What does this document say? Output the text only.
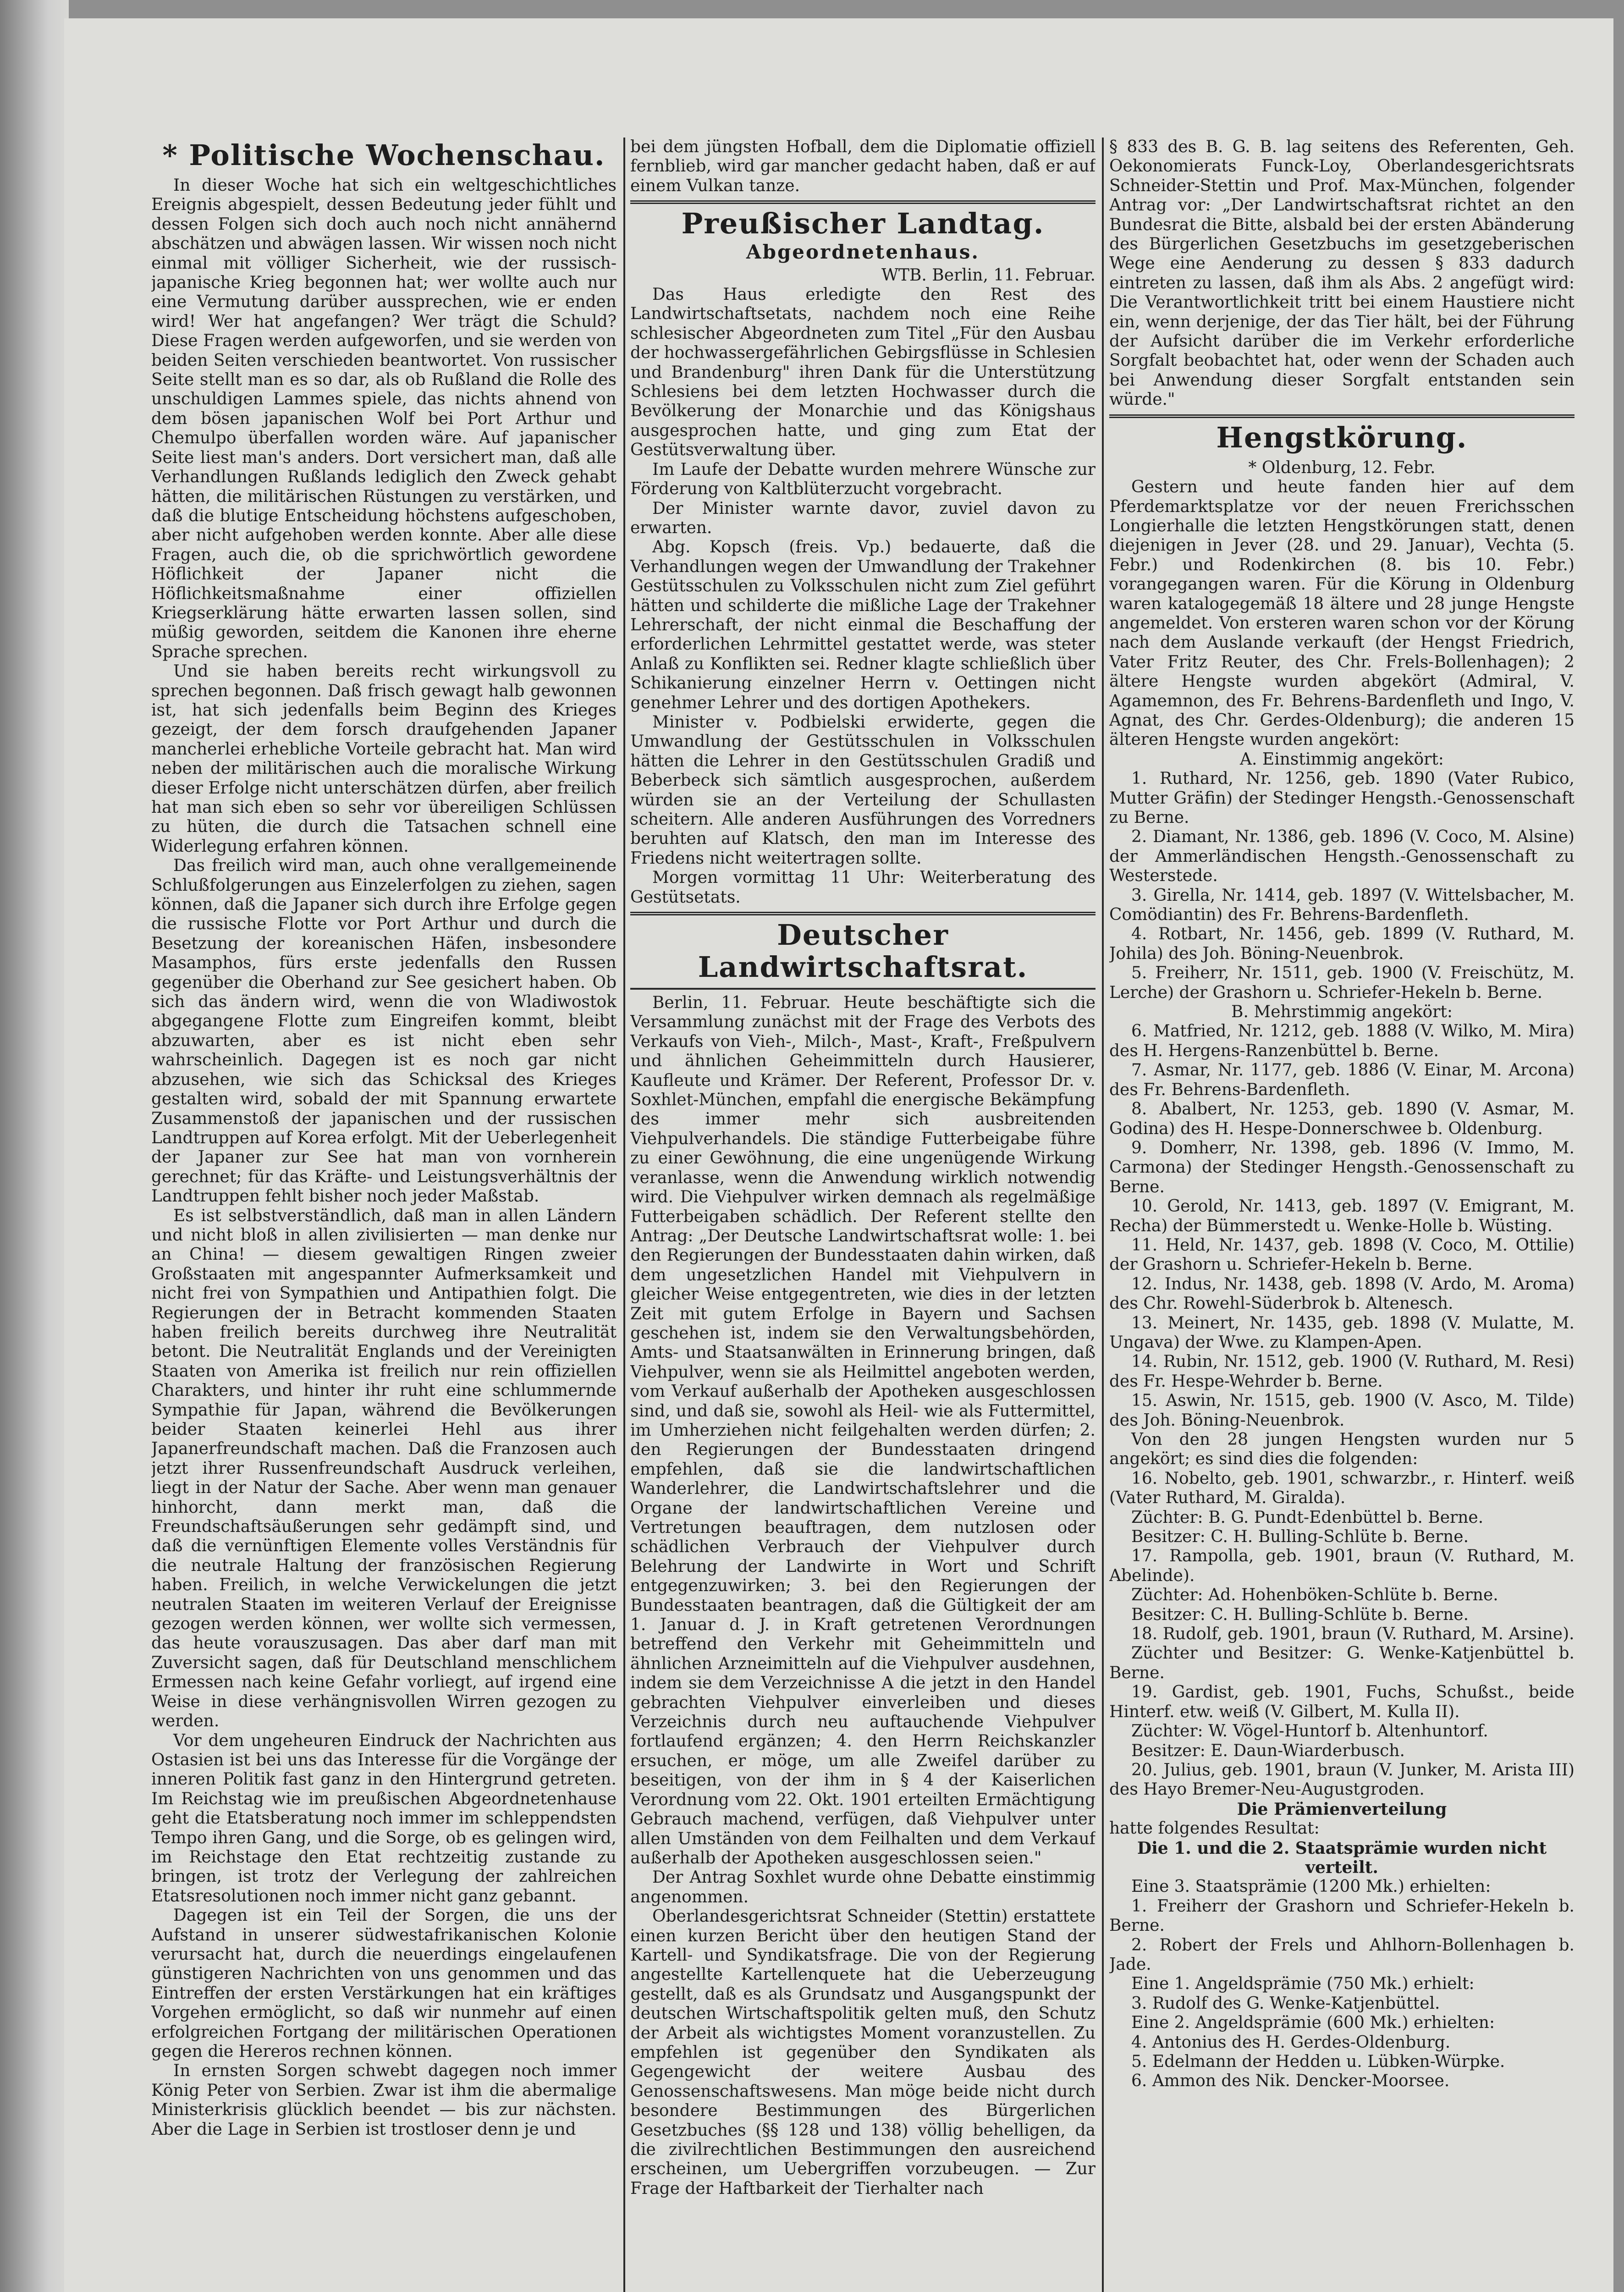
* Politische Wochenschau.

In dieser Woche hat sich ein weltgeschichtliches Ereignis abgespielt, dessen Bedeutung jeder fühlt und dessen Folgen sich doch auch noch nicht annähernd abschätzen und abwägen lassen. Wir wissen noch nicht einmal mit völliger Sicherheit, wie der russisch-japanische Krieg begonnen hat; wer wollte auch nur eine Vermutung darüber aussprechen, wie er enden wird! Wer hat angefangen? Wer trägt die Schuld? Diese Fragen werden aufgeworfen, und sie werden von beiden Seiten verschieden beantwortet. Von russischer Seite stellt man es so dar, als ob Rußland die Rolle des unschuldigen Lammes spiele, das nichts ahnend von dem bösen japanischen Wolf bei Port Arthur und Chemulpo überfallen worden wäre. Auf japanischer Seite liest man's anders. Dort versichert man, daß alle Verhandlungen Rußlands lediglich den Zweck gehabt hätten, die militärischen Rüstungen zu verstärken, und daß die blutige Entscheidung höchstens aufgeschoben, aber nicht aufgehoben werden konnte. Aber alle diese Fragen, auch die, ob die sprichwörtlich gewordene Höflichkeit der Japaner nicht die Höflichkeitsmaßnahme einer offiziellen Kriegserklärung hätte erwarten lassen sollen, sind müßig geworden, seitdem die Kanonen ihre eherne Sprache sprechen.

Und sie haben bereits recht wirkungsvoll zu sprechen begonnen. Daß frisch gewagt halb gewonnen ist, hat sich jedenfalls beim Beginn des Krieges gezeigt, der dem forsch draufgehenden Japaner mancherlei erhebliche Vorteile gebracht hat. Man wird neben der militärischen auch die moralische Wirkung dieser Erfolge nicht unterschätzen dürfen, aber freilich hat man sich eben so sehr vor übereiligen Schlüssen zu hüten, die durch die Tatsachen schnell eine Widerlegung erfahren können.

Das freilich wird man, auch ohne verallgemeinende Schlußfolgerungen aus Einzelerfolgen zu ziehen, sagen können, daß die Japaner sich durch ihre Erfolge gegen die russische Flotte vor Port Arthur und durch die Besetzung der koreanischen Häfen, insbesondere Masamphos, fürs erste jedenfalls den Russen gegenüber die Oberhand zur See gesichert haben. Ob sich das ändern wird, wenn die von Wladiwostok abgegangene Flotte zum Eingreifen kommt, bleibt abzuwarten, aber es ist nicht eben sehr wahrscheinlich. Dagegen ist es noch gar nicht abzusehen, wie sich das Schicksal des Krieges gestalten wird, sobald der mit Spannung erwartete Zusammenstoß der japanischen und der russischen Landtruppen auf Korea erfolgt. Mit der Ueberlegenheit der Japaner zur See hat man von vornherein gerechnet; für das Kräfte- und Leistungsverhältnis der Landtruppen fehlt bisher noch jeder Maßstab.

Es ist selbstverständlich, daß man in allen Ländern und nicht bloß in allen zivilisierten — man denke nur an China! — diesem gewaltigen Ringen zweier Großstaaten mit angespannter Aufmerksamkeit und nicht frei von Sympathien und Antipathien folgt. Die Regierungen der in Betracht kommenden Staaten haben freilich bereits durchweg ihre Neutralität betont. Die Neutralität Englands und der Vereinigten Staaten von Amerika ist freilich nur rein offiziellen Charakters, und hinter ihr ruht eine schlummernde Sympathie für Japan, während die Bevölkerungen beider Staaten keinerlei Hehl aus ihrer Japanerfreundschaft machen. Daß die Franzosen auch jetzt ihrer Russenfreundschaft Ausdruck verleihen, liegt in der Natur der Sache. Aber wenn man genauer hinhorcht, dann merkt man, daß die Freundschaftsäußerungen sehr gedämpft sind, und daß die vernünftigen Elemente volles Verständnis für die neutrale Haltung der französischen Regierung haben. Freilich, in welche Verwickelungen die jetzt neutralen Staaten im weiteren Verlauf der Ereignisse gezogen werden können, wer wollte sich vermessen, das heute vorauszusagen. Das aber darf man mit Zuversicht sagen, daß für Deutschland menschlichem Ermessen nach keine Gefahr vorliegt, auf irgend eine Weise in diese verhängnisvollen Wirren gezogen zu werden.

Vor dem ungeheuren Eindruck der Nachrichten aus Ostasien ist bei uns das Interesse für die Vorgänge der inneren Politik fast ganz in den Hintergrund getreten. Im Reichstag wie im preußischen Abgeordnetenhause geht die Etatsberatung noch immer im schleppendsten Tempo ihren Gang, und die Sorge, ob es gelingen wird, im Reichstage den Etat rechtzeitig zustande zu bringen, ist trotz der Verlegung der zahlreichen Etatsresolutionen noch immer nicht ganz gebannt.

Dagegen ist ein Teil der Sorgen, die uns der Aufstand in unserer südwestafrikanischen Kolonie verursacht hat, durch die neuerdings eingelaufenen günstigeren Nachrichten von uns genommen und das Eintreffen der ersten Verstärkungen hat ein kräftiges Vorgehen ermöglicht, so daß wir nunmehr auf einen erfolgreichen Fortgang der militärischen Operationen gegen die Hereros rechnen können.

In ernsten Sorgen schwebt dagegen noch immer König Peter von Serbien. Zwar ist ihm die abermalige Ministerkrisis glücklich beendet — bis zur nächsten. Aber die Lage in Serbien ist trostloser denn je und

bei dem jüngsten Hofball, dem die Diplomatie offiziell fernblieb, wird gar mancher gedacht haben, daß er auf einem Vulkan tanze.

Preußischer Landtag.
Abgeordnetenhaus.

WTB. Berlin, 11. Februar.

Das Haus erledigte den Rest des Landwirtschaftsetats, nachdem noch eine Reihe schlesischer Abgeordneten zum Titel „Für den Ausbau der hochwassergefährlichen Gebirgsflüsse in Schlesien und Brandenburg" ihren Dank für die Unterstützung Schlesiens bei dem letzten Hochwasser durch die Bevölkerung der Monarchie und das Königshaus ausgesprochen hatte, und ging zum Etat der Gestütsverwaltung über.

Im Laufe der Debatte wurden mehrere Wünsche zur Förderung von Kaltblüterzucht vorgebracht.

Der Minister warnte davor, zuviel davon zu erwarten.

Abg. Kopsch (freis. Vp.) bedauerte, daß die Verhandlungen wegen der Umwandlung der Trakehner Gestütsschulen zu Volksschulen nicht zum Ziel geführt hätten und schilderte die mißliche Lage der Trakehner Lehrerschaft, der nicht einmal die Beschaffung der erforderlichen Lehrmittel gestattet werde, was steter Anlaß zu Konflikten sei. Redner klagte schließlich über Schikanierung einzelner Herrn v. Oettingen nicht genehmer Lehrer und des dortigen Apothekers.

Minister v. Podbielski erwiderte, gegen die Umwandlung der Gestütsschulen in Volksschulen hätten die Lehrer in den Gestütsschulen Gradiß und Beberbeck sich sämtlich ausgesprochen, außerdem würden sie an der Verteilung der Schullasten scheitern. Alle anderen Ausführungen des Vorredners beruhten auf Klatsch, den man im Interesse des Friedens nicht weitertragen sollte.

Morgen vormittag 11 Uhr: Weiterberatung des Gestütsetats.

Deutscher Landwirtschaftsrat.

Berlin, 11. Februar. Heute beschäftigte sich die Versammlung zunächst mit der Frage des Verbots des Verkaufs von Vieh-, Milch-, Mast-, Kraft-, Freßpulvern und ähnlichen Geheimmitteln durch Hausierer, Kaufleute und Krämer. Der Referent, Professor Dr. v. Soxhlet-München, empfahl die energische Bekämpfung des immer mehr sich ausbreitenden Viehpulverhandels. Die ständige Futterbeigabe führe zu einer Gewöhnung, die eine ungenügende Wirkung veranlasse, wenn die Anwendung wirklich notwendig wird. Die Viehpulver wirken demnach als regelmäßige Futterbeigaben schädlich. Der Referent stellte den Antrag: „Der Deutsche Landwirtschaftsrat wolle: 1. bei den Regierungen der Bundesstaaten dahin wirken, daß dem ungesetzlichen Handel mit Viehpulvern in gleicher Weise entgegentreten, wie dies in der letzten Zeit mit gutem Erfolge in Bayern und Sachsen geschehen ist, indem sie den Verwaltungsbehörden, Amts- und Staatsanwälten in Erinnerung bringen, daß Viehpulver, wenn sie als Heilmittel angeboten werden, vom Verkauf außerhalb der Apotheken ausgeschlossen sind, und daß sie, sowohl als Heil- wie als Futtermittel, im Umherziehen nicht feilgehalten werden dürfen; 2. den Regierungen der Bundesstaaten dringend empfehlen, daß sie die landwirtschaftlichen Wanderlehrer, die Landwirtschaftslehrer und die Organe der landwirtschaftlichen Vereine und Vertretungen beauftragen, dem nutzlosen oder schädlichen Verbrauch der Viehpulver durch Belehrung der Landwirte in Wort und Schrift entgegenzuwirken; 3. bei den Regierungen der Bundesstaaten beantragen, daß die Gültigkeit der am 1. Januar d. J. in Kraft getretenen Verordnungen betreffend den Verkehr mit Geheimmitteln und ähnlichen Arzneimitteln auf die Viehpulver ausdehnen, indem sie dem Verzeichnisse A die jetzt in den Handel gebrachten Viehpulver einverleiben und dieses Verzeichnis durch neu auftauchende Viehpulver fortlaufend ergänzen; 4. den Herrn Reichskanzler ersuchen, er möge, um alle Zweifel darüber zu beseitigen, von der ihm in § 4 der Kaiserlichen Verordnung vom 22. Okt. 1901 erteilten Ermächtigung Gebrauch machend, verfügen, daß Viehpulver unter allen Umständen von dem Feilhalten und dem Verkauf außerhalb der Apotheken ausgeschlossen seien."

Der Antrag Soxhlet wurde ohne Debatte einstimmig angenommen.

Oberlandesgerichtsrat Schneider (Stettin) erstattete einen kurzen Bericht über den heutigen Stand der Kartell- und Syndikatsfrage. Die von der Regierung angestellte Kartellenquete hat die Ueberzeugung gestellt, daß es als Grundsatz und Ausgangspunkt der deutschen Wirtschaftspolitik gelten muß, den Schutz der Arbeit als wichtigstes Moment voranzustellen. Zu empfehlen ist gegenüber den Syndikaten als Gegengewicht der weitere Ausbau des Genossenschaftswesens. Man möge beide nicht durch besondere Bestimmungen des Bürgerlichen Gesetzbuches (§§ 128 und 138) völlig behelligen, da die zivilrechtlichen Bestimmungen den ausreichend erscheinen, um Uebergriffen vorzubeugen. — Zur Frage der Haftbarkeit der Tierhalter nach

§ 833 des B. G. B. lag seitens des Referenten, Geh. Oekonomierats Funck-Loy, Oberlandesgerichtsrats Schneider-Stettin und Prof. Max-München, folgender Antrag vor: „Der Landwirtschaftsrat richtet an den Bundesrat die Bitte, alsbald bei der ersten Abänderung des Bürgerlichen Gesetzbuchs im gesetzgeberischen Wege eine Aenderung zu dessen § 833 dadurch eintreten zu lassen, daß ihm als Abs. 2 angefügt wird: Die Verantwortlichkeit tritt bei einem Haustiere nicht ein, wenn derjenige, der das Tier hält, bei der Führung der Aufsicht darüber die im Verkehr erforderliche Sorgfalt beobachtet hat, oder wenn der Schaden auch bei Anwendung dieser Sorgfalt entstanden sein würde."

Hengstkörung.

* Oldenburg, 12. Febr.

Gestern und heute fanden hier auf dem Pferdemarktsplatze vor der neuen Frerichsschen Longierhalle die letzten Hengstkörungen statt, denen diejenigen in Jever (28. und 29. Januar), Vechta (5. Febr.) und Rodenkirchen (8. bis 10. Febr.) vorangegangen waren. Für die Körung in Oldenburg waren katalogegemäß 18 ältere und 28 junge Hengste angemeldet. Von ersteren waren schon vor der Körung nach dem Auslande verkauft (der Hengst Friedrich, Vater Fritz Reuter, des Chr. Frels-Bollenhagen); 2 ältere Hengste wurden abgekört (Admiral, V. Agamemnon, des Fr. Behrens-Bardenfleth und Ingo, V. Agnat, des Chr. Gerdes-Oldenburg); die anderen 15 älteren Hengste wurden angekört:

A. Einstimmig angekört:

1. Ruthard, Nr. 1256, geb. 1890 (Vater Rubico, Mutter Gräfin) der Stedinger Hengsth.-Genossenschaft zu Berne.

2. Diamant, Nr. 1386, geb. 1896 (V. Coco, M. Alsine) der Ammerländischen Hengsth.-Genossenschaft zu Westerstede.

3. Girella, Nr. 1414, geb. 1897 (V. Wittelsbacher, M. Comödiantin) des Fr. Behrens-Bardenfleth.

4. Rotbart, Nr. 1456, geb. 1899 (V. Ruthard, M. Johila) des Joh. Böning-Neuenbrok.

5. Freiherr, Nr. 1511, geb. 1900 (V. Freischütz, M. Lerche) der Grashorn u. Schriefer-Hekeln b. Berne.

B. Mehrstimmig angekört:

6. Matfried, Nr. 1212, geb. 1888 (V. Wilko, M. Mira) des H. Hergens-Ranzenbüttel b. Berne.

7. Asmar, Nr. 1177, geb. 1886 (V. Einar, M. Arcona) des Fr. Behrens-Bardenfleth.

8. Abalbert, Nr. 1253, geb. 1890 (V. Asmar, M. Godina) des H. Hespe-Donnerschwee b. Oldenburg.

9. Domherr, Nr. 1398, geb. 1896 (V. Immo, M. Carmona) der Stedinger Hengsth.-Genossenschaft zu Berne.

10. Gerold, Nr. 1413, geb. 1897 (V. Emigrant, M. Recha) der Bümmerstedt u. Wenke-Holle b. Wüsting.

11. Held, Nr. 1437, geb. 1898 (V. Coco, M. Ottilie) der Grashorn u. Schriefer-Hekeln b. Berne.

12. Indus, Nr. 1438, geb. 1898 (V. Ardo, M. Aroma) des Chr. Rowehl-Süderbrok b. Altenesch.

13. Meinert, Nr. 1435, geb. 1898 (V. Mulatte, M. Ungava) der Wwe. zu Klampen-Apen.

14. Rubin, Nr. 1512, geb. 1900 (V. Ruthard, M. Resi) des Fr. Hespe-Wehrder b. Berne.

15. Aswin, Nr. 1515, geb. 1900 (V. Asco, M. Tilde) des Joh. Böning-Neuenbrok.

Von den 28 jungen Hengsten wurden nur 5 angekört; es sind dies die folgenden:

16. Nobelto, geb. 1901, schwarzbr., r. Hinterf. weiß (Vater Ruthard, M. Giralda).

Züchter: B. G. Pundt-Edenbüttel b. Berne.

Besitzer: C. H. Bulling-Schlüte b. Berne.

17. Rampolla, geb. 1901, braun (V. Ruthard, M. Abelinde).

Züchter: Ad. Hohenböken-Schlüte b. Berne.

Besitzer: C. H. Bulling-Schlüte b. Berne.

18. Rudolf, geb. 1901, braun (V. Ruthard, M. Arsine).

Züchter und Besitzer: G. Wenke-Katjenbüttel b. Berne.

19. Gardist, geb. 1901, Fuchs, Schußst., beide Hinterf. etw. weiß (V. Gilbert, M. Kulla II).

Züchter: W. Vögel-Huntorf b. Altenhuntorf.

Besitzer: E. Daun-Wiarderbusch.

20. Julius, geb. 1901, braun (V. Junker, M. Arista III) des Hayo Bremer-Neu-Augustgroden.

Die Prämienverteilung

hatte folgendes Resultat:

Die 1. und die 2. Staatsprämie wurden nicht verteilt.

Eine 3. Staatsprämie (1200 Mk.) erhielten:

1. Freiherr der Grashorn und Schriefer-Hekeln b. Berne.

2. Robert der Frels und Ahlhorn-Bollenhagen b. Jade.

Eine 1. Angeldsprämie (750 Mk.) erhielt:

3. Rudolf des G. Wenke-Katjenbüttel.

Eine 2. Angeldsprämie (600 Mk.) erhielten:

4. Antonius des H. Gerdes-Oldenburg.

5. Edelmann der Hedden u. Lübken-Würpke.

6. Ammon des Nik. Dencker-Moorsee.
